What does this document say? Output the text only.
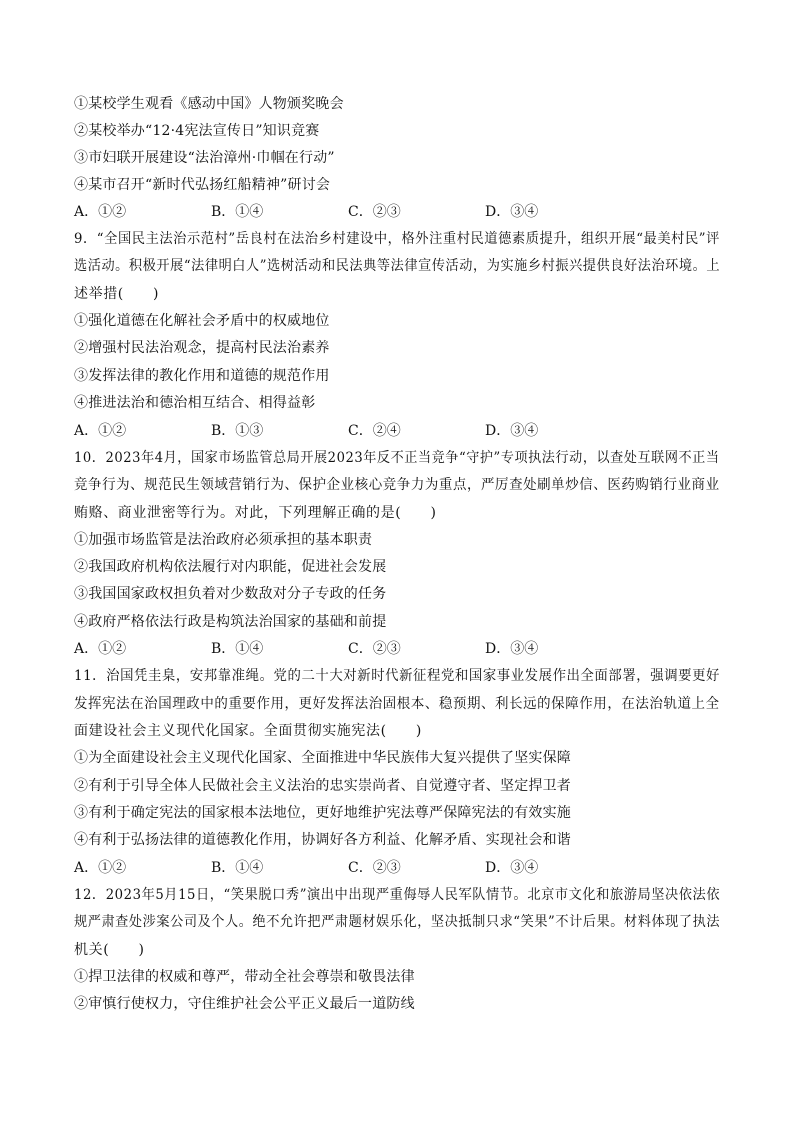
①某校学生观看《感动中国》人物颁奖晚会
②某校举办“12·4宪法宣传日”知识竞赛
③市妇联开展建设“法治漳州·巾帼在行动”
④某市召开“新时代弘扬红船精神”研讨会
A．①②	B．①④	C．②③	D．③④
9．“全国民主法治示范村”岳良村在法治乡村建设中，格外注重村民道德素质提升，组织开展“最美村民”评
选活动。积极开展“法律明白人”选树活动和民法典等法律宣传活动，为实施乡村振兴提供良好法治环境。上
述举措(　　)
①强化道德在化解社会矛盾中的权威地位
②增强村民法治观念，提高村民法治素养
③发挥法律的教化作用和道德的规范作用
④推进法治和德治相互结合、相得益彰
A．①②	B．①③	C．②④	D．③④
10．2023年4月，国家市场监管总局开展2023年反不正当竞争“守护”专项执法行动，以查处互联网不正当
竞争行为、规范民生领域营销行为、保护企业核心竞争力为重点，严厉查处刷单炒信、医药购销行业商业
贿赂、商业泄密等行为。对此，下列理解正确的是(　　)
①加强市场监管是法治政府必须承担的基本职责
②我国政府机构依法履行对内职能，促进社会发展
③我国国家政权担负着对少数敌对分子专政的任务
④政府严格依法行政是构筑法治国家的基础和前提
A．①②	B．①④	C．②③	D．③④
11．治国凭圭臬，安邦靠准绳。党的二十大对新时代新征程党和国家事业发展作出全面部署，强调要更好
发挥宪法在治国理政中的重要作用，更好发挥法治固根本、稳预期、利长远的保障作用，在法治轨道上全
面建设社会主义现代化国家。全面贯彻实施宪法(　　)
①为全面建设社会主义现代化国家、全面推进中华民族伟大复兴提供了坚实保障
②有利于引导全体人民做社会主义法治的忠实崇尚者、自觉遵守者、坚定捍卫者
③有利于确定宪法的国家根本法地位，更好地维护宪法尊严保障宪法的有效实施
④有利于弘扬法律的道德教化作用，协调好各方利益、化解矛盾、实现社会和谐
A．①②	B．①④	C．②③	D．③④
12．2023年5月15日，“笑果脱口秀”演出中出现严重侮辱人民军队情节。北京市文化和旅游局坚决依法依
规严肃查处涉案公司及个人。绝不允许把严肃题材娱乐化，坚决抵制只求“笑果”不计后果。材料体现了执法
机关(　　)
①捍卫法律的权威和尊严，带动全社会尊崇和敬畏法律
②审慎行使权力，守住维护社会公平正义最后一道防线
